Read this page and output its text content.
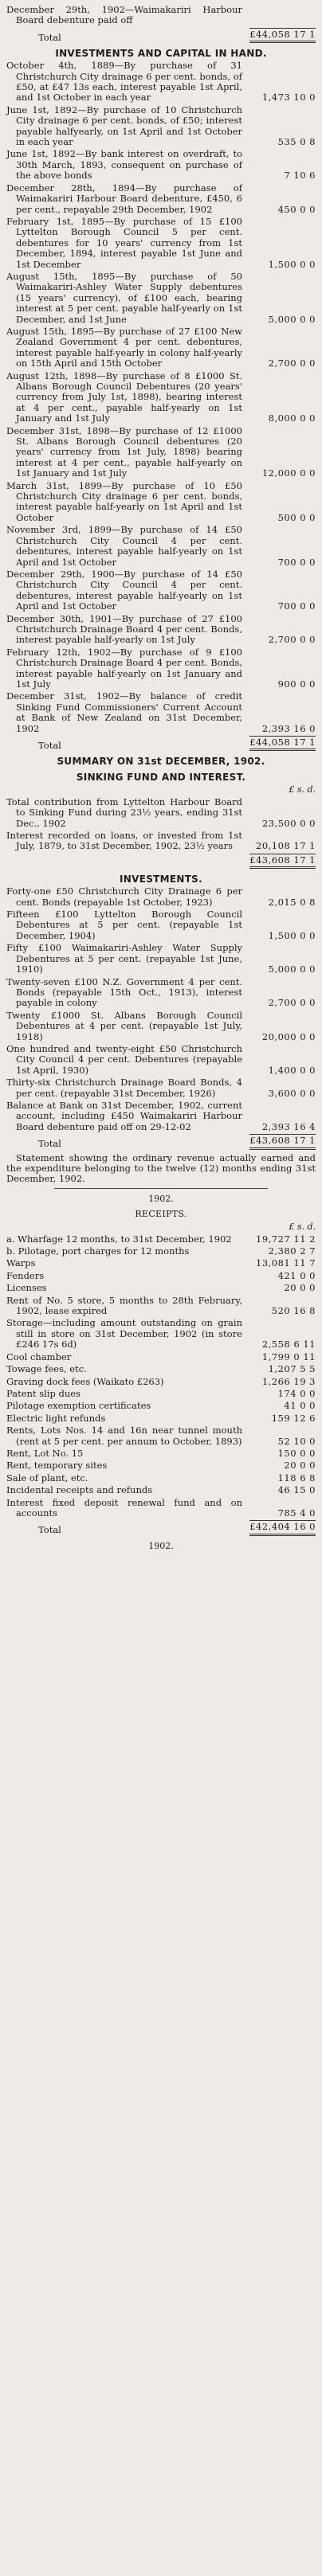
December 29th, 1902—Waimakariri Harbour Board debenture paid off
Total	£44,058 17 1
INVESTMENTS AND CAPITAL IN HAND.
October 4th, 1889—By purchase of 31 Christchurch City drainage 6 per cent. bonds, of £50, at £47 13s each, interest payable 1st April, and 1st October in each year	1,473 10 0
June 1st, 1892—By purchase of 10 Christchurch City drainage 6 per cent. bonds, of £50; interest payable halfyearly, on 1st April and 1st October in each year	535 0 8
June 1st, 1892—By bank interest on overdraft, to 30th March, 1893, consequent on purchase of the above bonds	7 10 6
December 28th, 1894—By purchase of Waimakariri Harbour Board debenture, £450, 6 per cent., repayable 29th December, 1902	450 0 0
February 1st, 1895—By purchase of 15 £100 Lyttelton Borough Council 5 per cent. debentures for 10 years' currency from 1st December, 1894, interest payable 1st June and 1st December	1,500 0 0
August 15th, 1895—By purchase of 50 Waimakariri-Ashley Water Supply debentures (15 years' currency), of £100 each, bearing interest at 5 per cent. payable half-yearly on 1st December, and 1st June	5,000 0 0
August 15th, 1895—By purchase of 27 £100 New Zealand Government 4 per cent. debentures, interest payable half-yearly in colony half-yearly on 15th April and 15th October	2,700 0 0
August 12th, 1898—By purchase of 8 £1000 St. Albans Borough Council Debentures (20 years' currency from July 1st, 1898), bearing interest at 4 per cent., payable half-yearly on 1st January and 1st July	8,000 0 0
December 31st, 1898—By purchase of 12 £1000 St. Albans Borough Council debentures (20 years' currency from 1st July, 1898) bearing interest at 4 per cent., payable half-yearly on 1st January and 1st July	12,000 0 0
March 31st, 1899—By purchase of 10 £50 Christchurch City drainage 6 per cent. bonds, interest payable half-yearly on 1st April and 1st October	500 0 0
November 3rd, 1899—By purchase of 14 £50 Christchurch City Council 4 per cent. debentures, interest payable half-yearly on 1st April and 1st October	700 0 0
December 29th, 1900—By purchase of 14 £50 Christchurch City Council 4 per cent. debentures, interest payable half-yearly on 1st April and 1st October	700 0 0
December 30th, 1901—By purchase of 27 £100 Christchurch Drainage Board 4 per cent. Bonds, interest payable half-yearly on 1st July	2,700 0 0
February 12th, 1902—By purchase of 9 £100 Christchurch Drainage Board 4 per cent. Bonds, interest payable half-yearly on 1st January and 1st July	900 0 0
December 31st, 1902—By balance of credit Sinking Fund Commissioners' Current Account at Bank of New Zealand on 31st December, 1902	2,393 16 0
Total	£44,058 17 1
SUMMARY ON 31st DECEMBER, 1902.
SINKING FUND AND INTEREST.
£ s. d.
Total contribution from Lyttelton Harbour Board to Sinking Fund during 23½ years, ending 31st Dec., 1902	23,500 0 0
Interest recorded on loans, or invested from 1st July, 1879, to 31st December, 1902, 23½ years	20,108 17 1
£43,608 17 1
INVESTMENTS.
Forty-one £50 Christchurch City Drainage 6 per cent. Bonds (repayable 1st October, 1923)	2,015 0 8
Fifteen £100 Lyttelton Borough Council Debentures at 5 per cent. (repayable 1st December, 1904)	1,500 0 0
Fifty £100 Waimakariri-Ashley Water Supply Debentures at 5 per cent. (repayable 1st June, 1910)	5,000 0 0
Twenty-seven £100 N.Z. Government 4 per cent. Bonds (repayable 15th Oct., 1913), interest payable in colony	2,700 0 0
Twenty £1000 St. Albans Borough Council Debentures at 4 per cent. (repayable 1st July, 1918)	20,000 0 0
One hundred and twenty-eight £50 Christchurch City Council 4 per cent. Debentures (repayable 1st April, 1930)	1,400 0 0
Thirty-six Christchurch Drainage Board Bonds, 4 per cent. (repayable 31st December, 1926)	3,600 0 0
Balance at Bank on 31st December, 1902, current account, including £450 Waimakariri Harbour Board debenture paid off on 29-12-02	2,393 16 4
Total	£43,608 17 1
Statement showing the ordinary revenue actually earned and the expenditure belonging to the twelve (12) months ending 31st December, 1902.
1902.
RECEIPTS.
£ s. d.
a. Wharfage 12 months, to 31st December, 1902	19,727 11 2
b. Pilotage, port charges for 12 months	2,380 2 7
Warps	13,081 11 7
Fenders	421 0 0
Licenses	20 0 0
Rent of No. 5 store, 5 months to 28th February, 1902, lease expired	520 16 8
Storage—including amount outstanding on grain still in store on 31st December, 1902 (in store £246 17s 6d)	2,558 6 11
Cool chamber	1,799 0 11
Towage fees, etc.	1,207 5 5
Graving dock fees (Waikato £263)	1,266 19 3
Patent slip dues	174 0 0
Pilotage exemption certificates	41 0 0
Electric light refunds	159 12 6
Rents, Lots Nos. 14 and 16n near tunnel mouth (rent at 5 per cent. per annum to October, 1893)	52 10 0
Rent, Lot No. 15	150 0 0
Rent, temporary sites	20 0 0
Sale of plant, etc.	118 6 8
Incidental receipts and refunds	46 15 0
Interest fixed deposit renewal fund and on accounts	785 4 0
Total	£42,404 16 0
1902.
